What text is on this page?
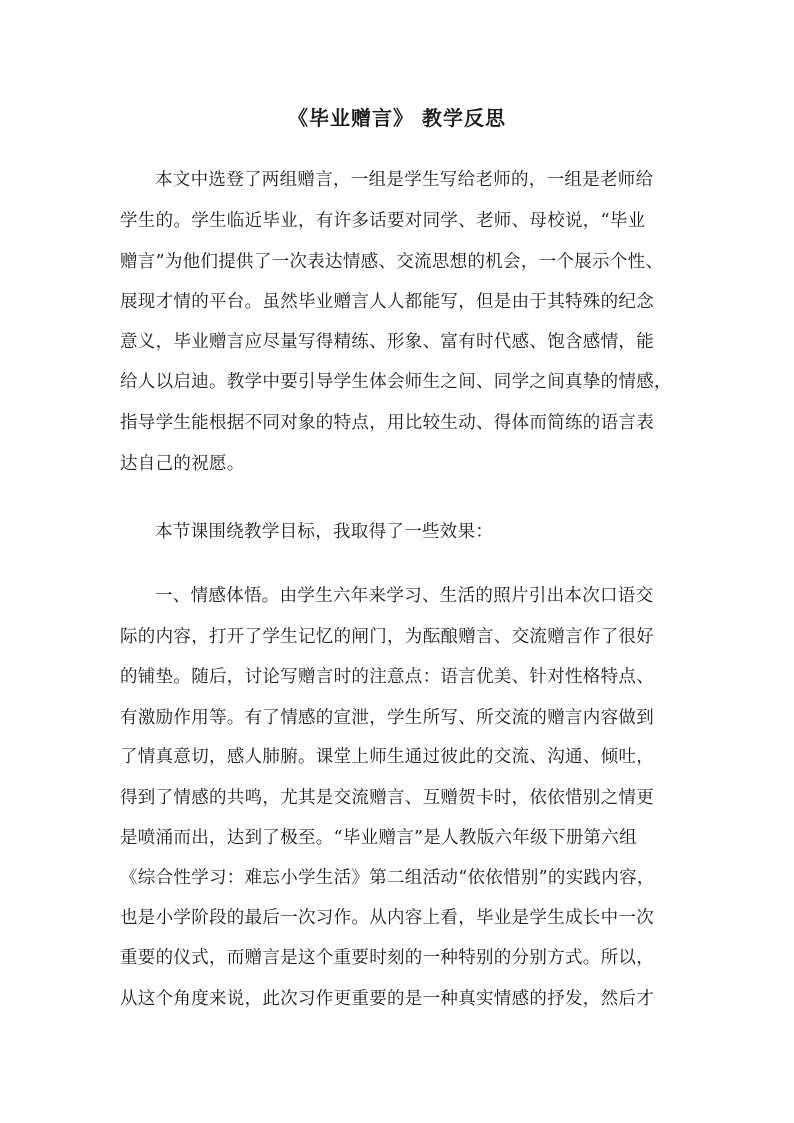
《毕业赠言》 教学反思
本文中选登了两组赠言，一组是学生写给老师的，一组是老师给
学生的。学生临近毕业，有许多话要对同学、老师、母校说，“毕业
赠言”为他们提供了一次表达情感、交流思想的机会，一个展示个性、
展现才情的平台。虽然毕业赠言人人都能写，但是由于其特殊的纪念
意义，毕业赠言应尽量写得精练、形象、富有时代感、饱含感情，能
给人以启迪。教学中要引导学生体会师生之间、同学之间真挚的情感，
指导学生能根据不同对象的特点，用比较生动、得体而简练的语言表
达自己的祝愿。
本节课围绕教学目标，我取得了一些效果：
一、情感体悟。由学生六年来学习、生活的照片引出本次口语交
际的内容，打开了学生记忆的闸门，为酝酿赠言、交流赠言作了很好
的铺垫。随后，讨论写赠言时的注意点：语言优美、针对性格特点、
有激励作用等。有了情感的宣泄，学生所写、所交流的赠言内容做到
了情真意切，感人肺腑。课堂上师生通过彼此的交流、沟通、倾吐，
得到了情感的共鸣，尤其是交流赠言、互赠贺卡时，依依惜别之情更
是喷涌而出，达到了极至。“毕业赠言”是人教版六年级下册第六组
《综合性学习：难忘小学生活》第二组活动“依依惜别”的实践内容，
也是小学阶段的最后一次习作。从内容上看，毕业是学生成长中一次
重要的仪式，而赠言是这个重要时刻的一种特别的分别方式。所以，
从这个角度来说，此次习作更重要的是一种真实情感的抒发，然后才
